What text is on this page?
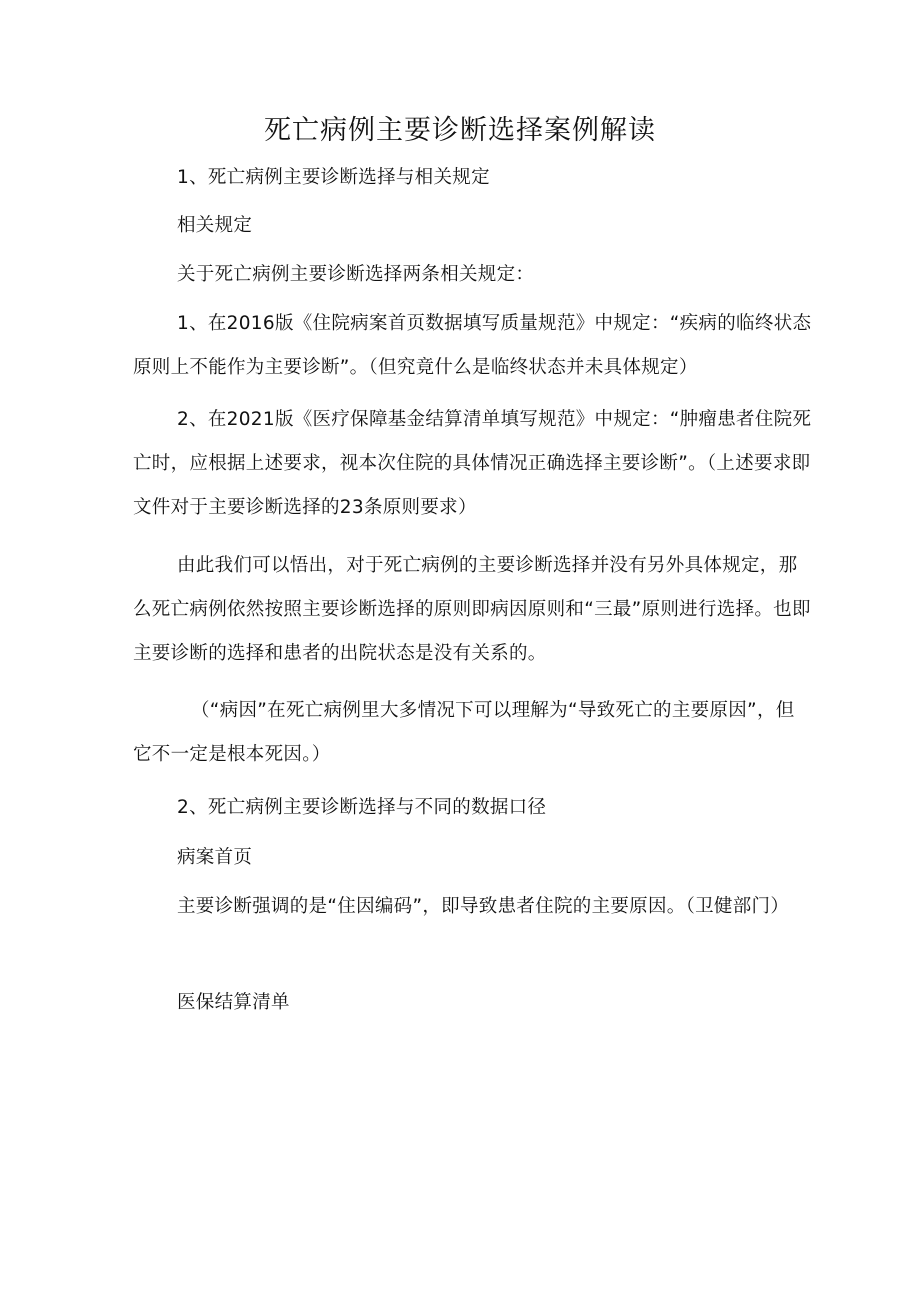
死亡病例主要诊断选择案例解读

1、死亡病例主要诊断选择与相关规定

相关规定

关于死亡病例主要诊断选择两条相关规定：

1、在2016版《住院病案首页数据填写质量规范》中规定：“疾病的临终状态原则上不能作为主要诊断”。（但究竟什么是临终状态并未具体规定）

2、在2021版《医疗保障基金结算清单填写规范》中规定：“肿瘤患者住院死亡时，应根据上述要求，视本次住院的具体情况正确选择主要诊断”。（上述要求即文件对于主要诊断选择的23条原则要求）

由此我们可以悟出，对于死亡病例的主要诊断选择并没有另外具体规定，那么死亡病例依然按照主要诊断选择的原则即病因原则和“三最”原则进行选择。也即主要诊断的选择和患者的出院状态是没有关系的。

（“病因”在死亡病例里大多情况下可以理解为“导致死亡的主要原因”，但它不一定是根本死因。）

2、死亡病例主要诊断选择与不同的数据口径

病案首页

主要诊断强调的是“住因编码”，即导致患者住院的主要原因。（卫健部门）

医保结算清单
